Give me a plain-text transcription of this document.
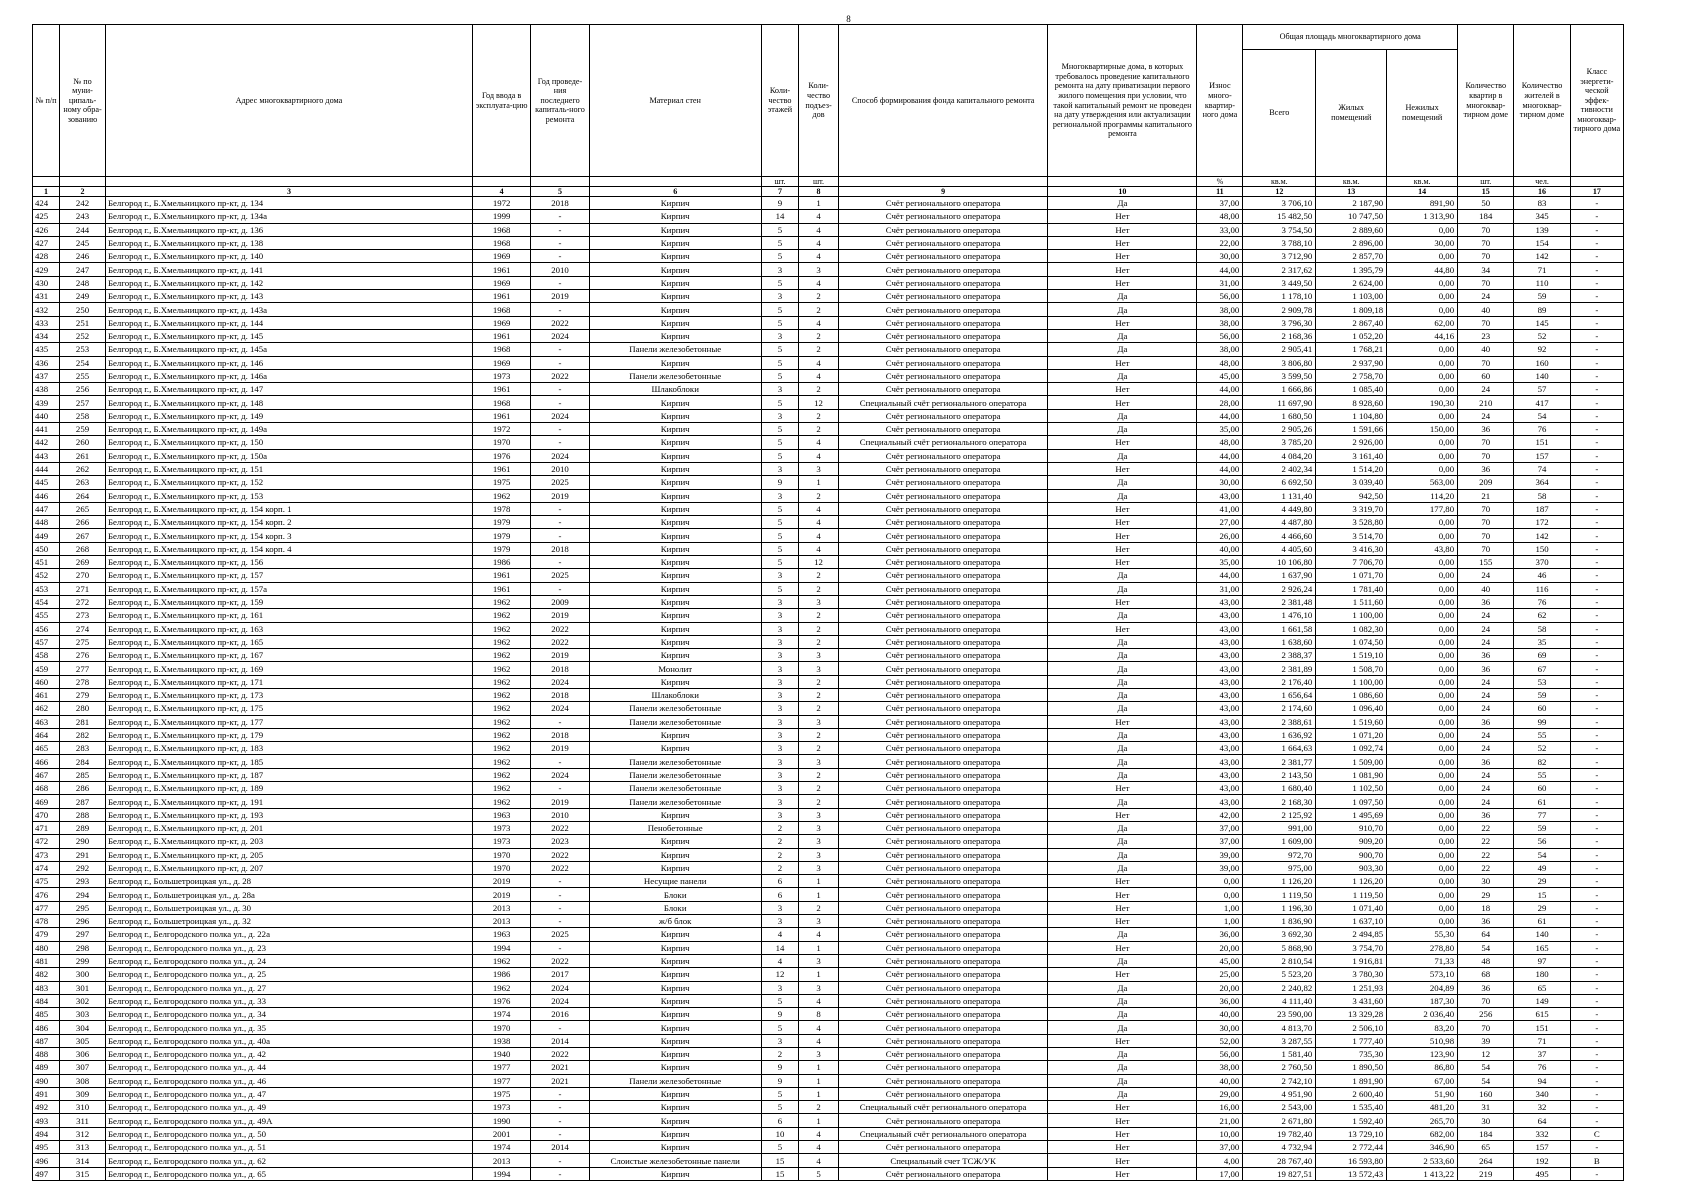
8
№ п/п	№ по муни-ципаль-ному обра-зованию	Адрес многоквартирного дома	Год ввода в эксплуата-цию	Год проведе-ния последнего капиталь-ного ремонта	Материал стен	Коли-чество этажей	Коли-чество подъез-дов	Способ формирования фонда капитального ремонта	Многоквартирные дома, в которых требовалось проведение капитального ремонта на дату приватизации первого жилого помещения при условии, что такой капитальный ремонт не проведен на дату утверждения или актуализации региональной программы капитального ремонта	Износ много-квартир-ного дома	Общая площадь многоквартирного дома			Количество квартир в многоквар-тирном доме	Количество жителей в многоквар-тирном доме	Класс энергети-ческой эффек-тивности многоквар-тирного дома
											Всего	Жилых помещений	Нежилых помещений			
						шт.	шт.			%	кв.м.	кв.м.	кв.м.	шт.	чел.	
1	2	3	4	5	6	7	8	9	10	11	12	13	14	15	16	17
424	242	Белгород г., Б.Хмельницкого пр-кт, д. 134	1972	2018	Кирпич	9	1	Счёт регионального оператора	Да	37,00	3 706,10	2 187,90	891,90	50	83	-
425	243	Белгород г., Б.Хмельницкого пр-кт, д. 134а	1999	-	Кирпич	14	4	Счёт регионального оператора	Нет	48,00	15 482,50	10 747,50	1 313,90	184	345	-
426	244	Белгород г., Б.Хмельницкого пр-кт, д. 136	1968	-	Кирпич	5	4	Счёт регионального оператора	Нет	33,00	3 754,50	2 889,60	0,00	70	139	-
427	245	Белгород г., Б.Хмельницкого пр-кт, д. 138	1968	-	Кирпич	5	4	Счёт регионального оператора	Нет	22,00	3 788,10	2 896,00	30,00	70	154	-
428	246	Белгород г., Б.Хмельницкого пр-кт, д. 140	1969	-	Кирпич	5	4	Счёт регионального оператора	Нет	30,00	3 712,90	2 857,70	0,00	70	142	-
429	247	Белгород г., Б.Хмельницкого пр-кт, д. 141	1961	2010	Кирпич	3	3	Счёт регионального оператора	Нет	44,00	2 317,62	1 395,79	44,80	34	71	-
430	248	Белгород г., Б.Хмельницкого пр-кт, д. 142	1969	-	Кирпич	5	4	Счёт регионального оператора	Нет	31,00	3 449,50	2 624,00	0,00	70	110	-
431	249	Белгород г., Б.Хмельницкого пр-кт, д. 143	1961	2019	Кирпич	3	2	Счёт регионального оператора	Да	56,00	1 178,10	1 103,00	0,00	24	59	-
432	250	Белгород г., Б.Хмельницкого пр-кт, д. 143а	1968	-	Кирпич	5	2	Счёт регионального оператора	Да	38,00	2 909,78	1 809,18	0,00	40	89	-
433	251	Белгород г., Б.Хмельницкого пр-кт, д. 144	1969	2022	Кирпич	5	4	Счёт регионального оператора	Нет	38,00	3 796,30	2 867,40	62,00	70	145	-
434	252	Белгород г., Б.Хмельницкого пр-кт, д. 145	1961	2024	Кирпич	3	2	Счёт регионального оператора	Да	56,00	2 168,36	1 052,20	44,16	23	52	-
435	253	Белгород г., Б.Хмельницкого пр-кт, д. 145а	1968	-	Панели железобетонные	5	2	Счёт регионального оператора	Да	38,00	2 905,41	1 768,21	0,00	40	92	-
436	254	Белгород г., Б.Хмельницкого пр-кт, д. 146	1969	-	Кирпич	5	4	Счёт регионального оператора	Нет	48,00	3 806,80	2 937,90	0,00	70	160	-
437	255	Белгород г., Б.Хмельницкого пр-кт, д. 146а	1973	2022	Панели железобетонные	5	4	Счёт регионального оператора	Да	45,00	3 599,50	2 758,70	0,00	60	140	-
438	256	Белгород г., Б.Хмельницкого пр-кт, д. 147	1961	-	Шлакоблоки	3	2	Счёт регионального оператора	Нет	44,00	1 666,86	1 085,40	0,00	24	57	-
439	257	Белгород г., Б.Хмельницкого пр-кт, д. 148	1968	-	Кирпич	5	12	Специальный счёт регионального оператора	Нет	28,00	11 697,90	8 928,60	190,30	210	417	-
440	258	Белгород г., Б.Хмельницкого пр-кт, д. 149	1961	2024	Кирпич	3	2	Счёт регионального оператора	Да	44,00	1 680,50	1 104,80	0,00	24	54	-
441	259	Белгород г., Б.Хмельницкого пр-кт, д. 149а	1972	-	Кирпич	5	2	Счёт регионального оператора	Да	35,00	2 905,26	1 591,66	150,00	36	76	-
442	260	Белгород г., Б.Хмельницкого пр-кт, д. 150	1970	-	Кирпич	5	4	Специальный счёт регионального оператора	Нет	48,00	3 785,20	2 926,00	0,00	70	151	-
443	261	Белгород г., Б.Хмельницкого пр-кт, д. 150а	1976	2024	Кирпич	5	4	Счёт регионального оператора	Да	44,00	4 084,20	3 161,40	0,00	70	157	-
444	262	Белгород г., Б.Хмельницкого пр-кт, д. 151	1961	2010	Кирпич	3	3	Счёт регионального оператора	Нет	44,00	2 402,34	1 514,20	0,00	36	74	-
445	263	Белгород г., Б.Хмельницкого пр-кт, д. 152	1975	2025	Кирпич	9	1	Счёт регионального оператора	Да	30,00	6 692,50	3 039,40	563,00	209	364	-
446	264	Белгород г., Б.Хмельницкого пр-кт, д. 153	1962	2019	Кирпич	3	2	Счёт регионального оператора	Да	43,00	1 131,40	942,50	114,20	21	58	-
447	265	Белгород г., Б.Хмельницкого пр-кт, д. 154 корп. 1	1978	-	Кирпич	5	4	Счёт регионального оператора	Нет	41,00	4 449,80	3 319,70	177,80	70	187	-
448	266	Белгород г., Б.Хмельницкого пр-кт, д. 154 корп. 2	1979	-	Кирпич	5	4	Счёт регионального оператора	Нет	27,00	4 487,80	3 528,80	0,00	70	172	-
449	267	Белгород г., Б.Хмельницкого пр-кт, д. 154 корп. 3	1979	-	Кирпич	5	4	Счёт регионального оператора	Нет	26,00	4 466,60	3 514,70	0,00	70	142	-
450	268	Белгород г., Б.Хмельницкого пр-кт, д. 154 корп. 4	1979	2018	Кирпич	5	4	Счёт регионального оператора	Нет	40,00	4 405,60	3 416,30	43,80	70	150	-
451	269	Белгород г., Б.Хмельницкого пр-кт, д. 156	1986	-	Кирпич	5	12	Счёт регионального оператора	Нет	35,00	10 106,80	7 706,70	0,00	155	370	-
452	270	Белгород г., Б.Хмельницкого пр-кт, д. 157	1961	2025	Кирпич	3	2	Счёт регионального оператора	Да	44,00	1 637,90	1 071,70	0,00	24	46	-
453	271	Белгород г., Б.Хмельницкого пр-кт, д. 157а	1961	-	Кирпич	5	2	Счёт регионального оператора	Да	31,00	2 926,24	1 781,40	0,00	40	116	-
454	272	Белгород г., Б.Хмельницкого пр-кт, д. 159	1962	2009	Кирпич	3	3	Счёт регионального оператора	Нет	43,00	2 381,48	1 511,60	0,00	36	76	-
455	273	Белгород г., Б.Хмельницкого пр-кт, д. 161	1962	2019	Кирпич	3	2	Счёт регионального оператора	Да	43,00	1 476,10	1 100,00	0,00	24	62	-
456	274	Белгород г., Б.Хмельницкого пр-кт, д. 163	1962	2022	Кирпич	3	2	Счёт регионального оператора	Нет	43,00	1 661,58	1 082,30	0,00	24	58	-
457	275	Белгород г., Б.Хмельницкого пр-кт, д. 165	1962	2022	Кирпич	3	2	Счёт регионального оператора	Да	43,00	1 638,60	1 074,50	0,00	24	35	-
458	276	Белгород г., Б.Хмельницкого пр-кт, д. 167	1962	2019	Кирпич	3	3	Счёт регионального оператора	Да	43,00	2 388,37	1 519,10	0,00	36	69	-
459	277	Белгород г., Б.Хмельницкого пр-кт, д. 169	1962	2018	Монолит	3	3	Счёт регионального оператора	Да	43,00	2 381,89	1 508,70	0,00	36	67	-
460	278	Белгород г., Б.Хмельницкого пр-кт, д. 171	1962	2024	Кирпич	3	2	Счёт регионального оператора	Да	43,00	2 176,40	1 100,00	0,00	24	53	-
461	279	Белгород г., Б.Хмельницкого пр-кт, д. 173	1962	2018	Шлакоблоки	3	2	Счёт регионального оператора	Да	43,00	1 656,64	1 086,60	0,00	24	59	-
462	280	Белгород г., Б.Хмельницкого пр-кт, д. 175	1962	2024	Панели железобетонные	3	2	Счёт регионального оператора	Да	43,00	2 174,60	1 096,40	0,00	24	60	-
463	281	Белгород г., Б.Хмельницкого пр-кт, д. 177	1962	-	Панели железобетонные	3	3	Счёт регионального оператора	Нет	43,00	2 388,61	1 519,60	0,00	36	99	-
464	282	Белгород г., Б.Хмельницкого пр-кт, д. 179	1962	2018	Кирпич	3	2	Счёт регионального оператора	Да	43,00	1 636,92	1 071,20	0,00	24	55	-
465	283	Белгород г., Б.Хмельницкого пр-кт, д. 183	1962	2019	Кирпич	3	2	Счёт регионального оператора	Да	43,00	1 664,63	1 092,74	0,00	24	52	-
466	284	Белгород г., Б.Хмельницкого пр-кт, д. 185	1962	-	Панели железобетонные	3	3	Счёт регионального оператора	Да	43,00	2 381,77	1 509,00	0,00	36	82	-
467	285	Белгород г., Б.Хмельницкого пр-кт, д. 187	1962	2024	Панели железобетонные	3	2	Счёт регионального оператора	Да	43,00	2 143,50	1 081,90	0,00	24	55	-
468	286	Белгород г., Б.Хмельницкого пр-кт, д. 189	1962	-	Панели железобетонные	3	2	Счёт регионального оператора	Нет	43,00	1 680,40	1 102,50	0,00	24	60	-
469	287	Белгород г., Б.Хмельницкого пр-кт, д. 191	1962	2019	Панели железобетонные	3	2	Счёт регионального оператора	Да	43,00	2 168,30	1 097,50	0,00	24	61	-
470	288	Белгород г., Б.Хмельницкого пр-кт, д. 193	1963	2010	Кирпич	3	3	Счёт регионального оператора	Нет	42,00	2 125,92	1 495,69	0,00	36	77	-
471	289	Белгород г., Б.Хмельницкого пр-кт, д. 201	1973	2022	Пенобетонные	2	3	Счёт регионального оператора	Да	37,00	991,00	910,70	0,00	22	59	-
472	290	Белгород г., Б.Хмельницкого пр-кт, д. 203	1973	2023	Кирпич	2	3	Счёт регионального оператора	Да	37,00	1 609,00	909,20	0,00	22	56	-
473	291	Белгород г., Б.Хмельницкого пр-кт, д. 205	1970	2022	Кирпич	2	3	Счёт регионального оператора	Да	39,00	972,70	900,70	0,00	22	54	-
474	292	Белгород г., Б.Хмельницкого пр-кт, д. 207	1970	2022	Кирпич	2	3	Счёт регионального оператора	Да	39,00	975,00	903,30	0,00	22	49	-
475	293	Белгород г., Большетроицкая ул., д. 28	2019	-	Несущие панели	6	1	Счёт регионального оператора	Нет	0,00	1 126,20	1 126,20	0,00	30	29	-
476	294	Белгород г., Большетроицкая ул., д. 28а	2019	-	Блоки	6	1	Счёт регионального оператора	Нет	0,00	1 119,50	1 119,50	0,00	29	15	-
477	295	Белгород г., Большетроицкая ул., д. 30	2013	-	Блоки	3	2	Счёт регионального оператора	Нет	1,00	1 196,30	1 071,40	0,00	18	29	-
478	296	Белгород г., Большетроицкая ул., д. 32	2013	-	ж/б блок	3	3	Счёт регионального оператора	Нет	1,00	1 836,90	1 637,10	0,00	36	61	-
479	297	Белгород г., Белгородского полка ул., д. 22а	1963	2025	Кирпич	4	4	Счёт регионального оператора	Да	36,00	3 692,30	2 494,85	55,30	64	140	-
480	298	Белгород г., Белгородского полка ул., д. 23	1994	-	Кирпич	14	1	Счёт регионального оператора	Нет	20,00	5 868,90	3 754,70	278,80	54	165	-
481	299	Белгород г., Белгородского полка ул., д. 24	1962	2022	Кирпич	4	3	Счёт регионального оператора	Да	45,00	2 810,54	1 916,81	71,33	48	97	-
482	300	Белгород г., Белгородского полка ул., д. 25	1986	2017	Кирпич	12	1	Счёт регионального оператора	Нет	25,00	5 523,20	3 780,30	573,10	68	180	-
483	301	Белгород г., Белгородского полка ул., д. 27	1962	2024	Кирпич	3	3	Счёт регионального оператора	Да	20,00	2 240,82	1 251,93	204,89	36	65	-
484	302	Белгород г., Белгородского полка ул., д. 33	1976	2024	Кирпич	5	4	Счёт регионального оператора	Да	36,00	4 111,40	3 431,60	187,30	70	149	-
485	303	Белгород г., Белгородского полка ул., д. 34	1974	2016	Кирпич	9	8	Счёт регионального оператора	Да	40,00	23 590,00	13 329,28	2 036,40	256	615	-
486	304	Белгород г., Белгородского полка ул., д. 35	1970	-	Кирпич	5	4	Счёт регионального оператора	Да	30,00	4 813,70	2 506,10	83,20	70	151	-
487	305	Белгород г., Белгородского полка ул., д. 40а	1938	2014	Кирпич	3	4	Счёт регионального оператора	Нет	52,00	3 287,55	1 777,40	510,98	39	71	-
488	306	Белгород г., Белгородского полка ул., д. 42	1940	2022	Кирпич	2	3	Счёт регионального оператора	Да	56,00	1 581,40	735,30	123,90	12	37	-
489	307	Белгород г., Белгородского полка ул., д. 44	1977	2021	Кирпич	9	1	Счёт регионального оператора	Да	38,00	2 760,50	1 890,50	86,80	54	76	-
490	308	Белгород г., Белгородского полка ул., д. 46	1977	2021	Панели железобетонные	9	1	Счёт регионального оператора	Да	40,00	2 742,10	1 891,90	67,00	54	94	-
491	309	Белгород г., Белгородского полка ул., д. 47	1975	-	Кирпич	5	1	Счёт регионального оператора	Да	29,00	4 951,90	2 600,40	51,90	160	340	-
492	310	Белгород г., Белгородского полка ул., д. 49	1973	-	Кирпич	5	2	Специальный счёт регионального оператора	Нет	16,00	2 543,00	1 535,40	481,20	31	32	-
493	311	Белгород г., Белгородского полка ул., д. 49А	1990	-	Кирпич	6	1	Счёт регионального оператора	Нет	21,00	2 671,80	1 592,40	265,70	30	64	-
494	312	Белгород г., Белгородского полка ул., д. 50	2001	-	Кирпич	10	4	Специальный счёт регионального оператора	Нет	10,00	19 782,40	13 729,10	682,00	184	332	С
495	313	Белгород г., Белгородского полка ул., д. 51	1974	2014	Кирпич	5	4	Счёт регионального оператора	Нет	37,00	4 732,94	2 772,44	346,90	65	157	-
496	314	Белгород г., Белгородского полка ул., д. 62	2013	-	Слоистые железобетонные панели	15	4	Специальный счет ТСЖ/УК	Нет	4,00	28 767,40	16 593,80	2 533,60	264	192	В
497	315	Белгород г., Белгородского полка ул., д. 65	1994	-	Кирпич	15	5	Счёт регионального оператора	Нет	17,00	19 827,51	13 572,43	1 413,22	219	495	-
